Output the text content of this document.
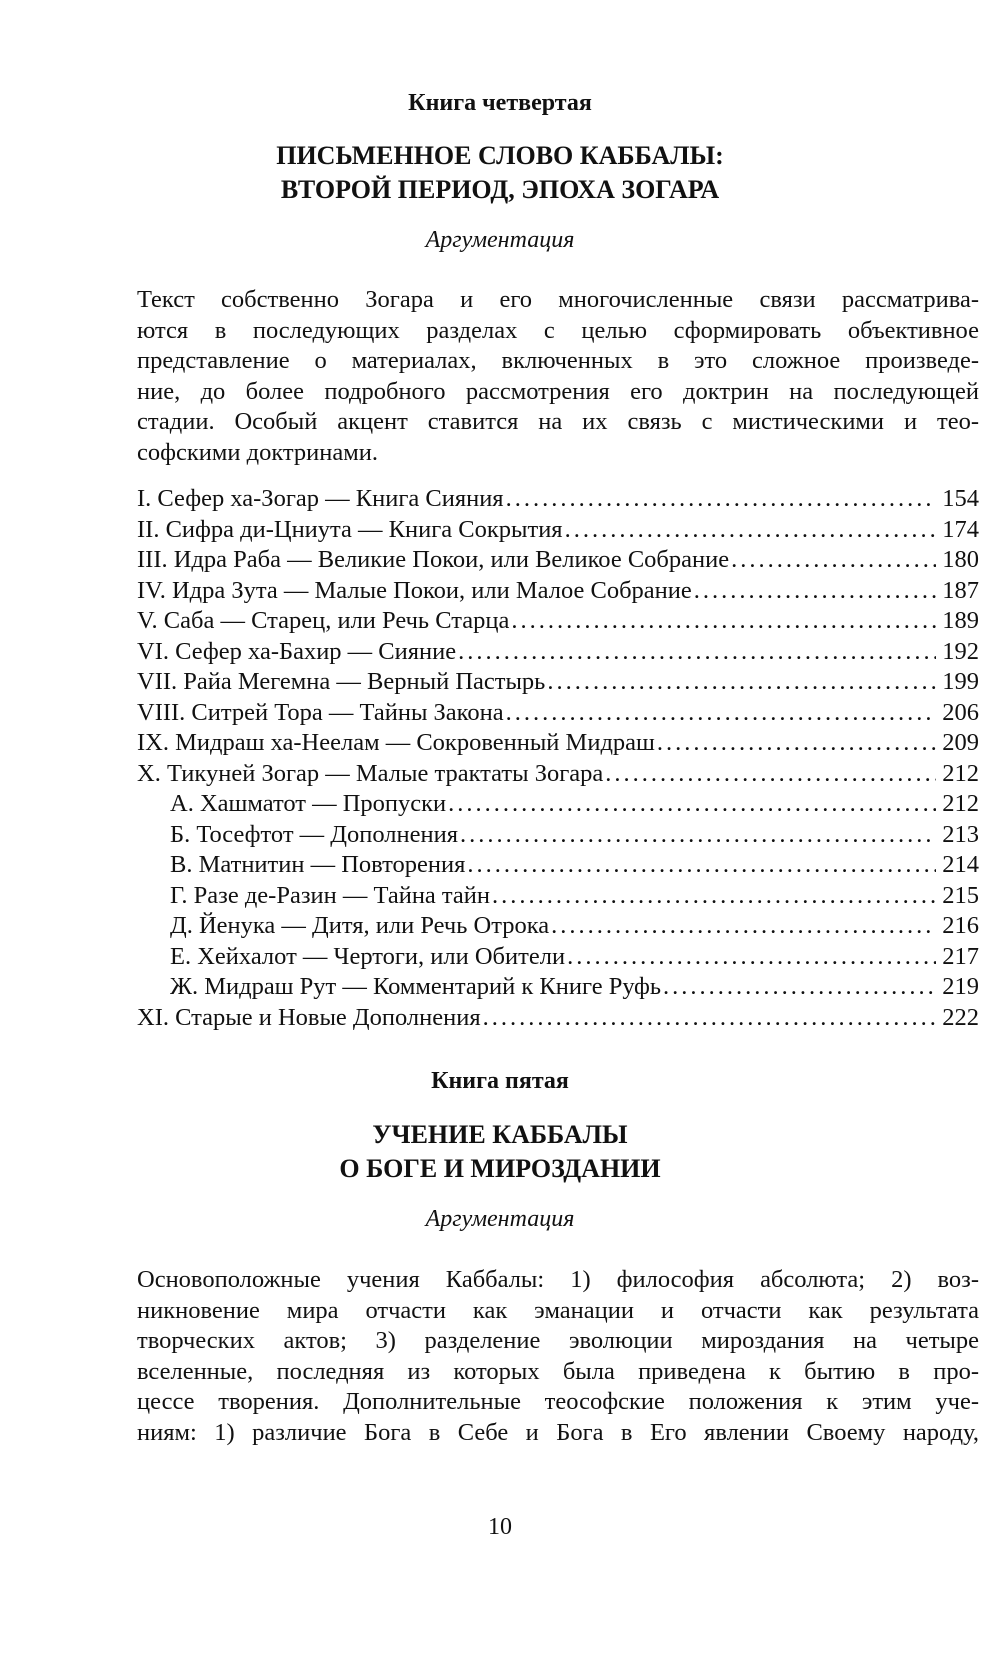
Книга четвертая
ПИСЬМЕННОЕ СЛОВО КАББАЛЫ:
ВТОРОЙ ПЕРИОД, ЭПОХА ЗОГАРА
Аргументация
Текст собственно Зогара и его многочисленные связи рассматрива-
ются в последующих разделах с целью сформировать объективное
представление о материалах, включенных в это сложное произведе-
ние, до более подробного рассмотрения его доктрин на последующей
стадии. Особый акцент ставится на их связь с мистическими и тео-
софскими доктринами.
I. Сефер ха-Зогар — Книга Сияния .....	154
II. Сифра ди-Цниута — Книга Сокрытия .....	174
III. Идра Раба — Великие Покои, или Великое Собрание .....	180
IV. Идра Зута — Малые Покои, или Малое Собрание .....	187
V. Саба — Старец, или Речь Старца .....	189
VI. Сефер ха-Бахир — Сияние .....	192
VII. Райа Мегемна — Верный Пастырь .....	199
VIII. Ситрей Тора — Тайны Закона .....	206
IX. Мидраш ха-Неелам — Сокровенный Мидраш .....	209
X. Тикуней Зогар — Малые трактаты Зогара .....	212
А. Хашматот — Пропуски .....	212
Б. Тосефтот — Дополнения .....	213
В. Матнитин — Повторения .....	214
Г. Разе де-Разин — Тайна тайн .....	215
Д. Йенука — Дитя, или Речь Отрока .....	216
Е. Хейхалот — Чертоги, или Обители .....	217
Ж. Мидраш Рут — Комментарий к Книге Руфь .....	219
XI. Старые и Новые Дополнения .....	222
Книга пятая
УЧЕНИЕ КАББАЛЫ
О БОГЕ И МИРОЗДАНИИ
Аргументация
Основоположные учения Каббалы: 1) философия абсолюта; 2) воз-
никновение мира отчасти как эманации и отчасти как результата
творческих актов; 3) разделение эволюции мироздания на четыре
вселенные, последняя из которых была приведена к бытию в про-
цессе творения. Дополнительные теософские положения к этим уче-
ниям: 1) различие Бога в Себе и Бога в Его явлении Своему народу,
10
